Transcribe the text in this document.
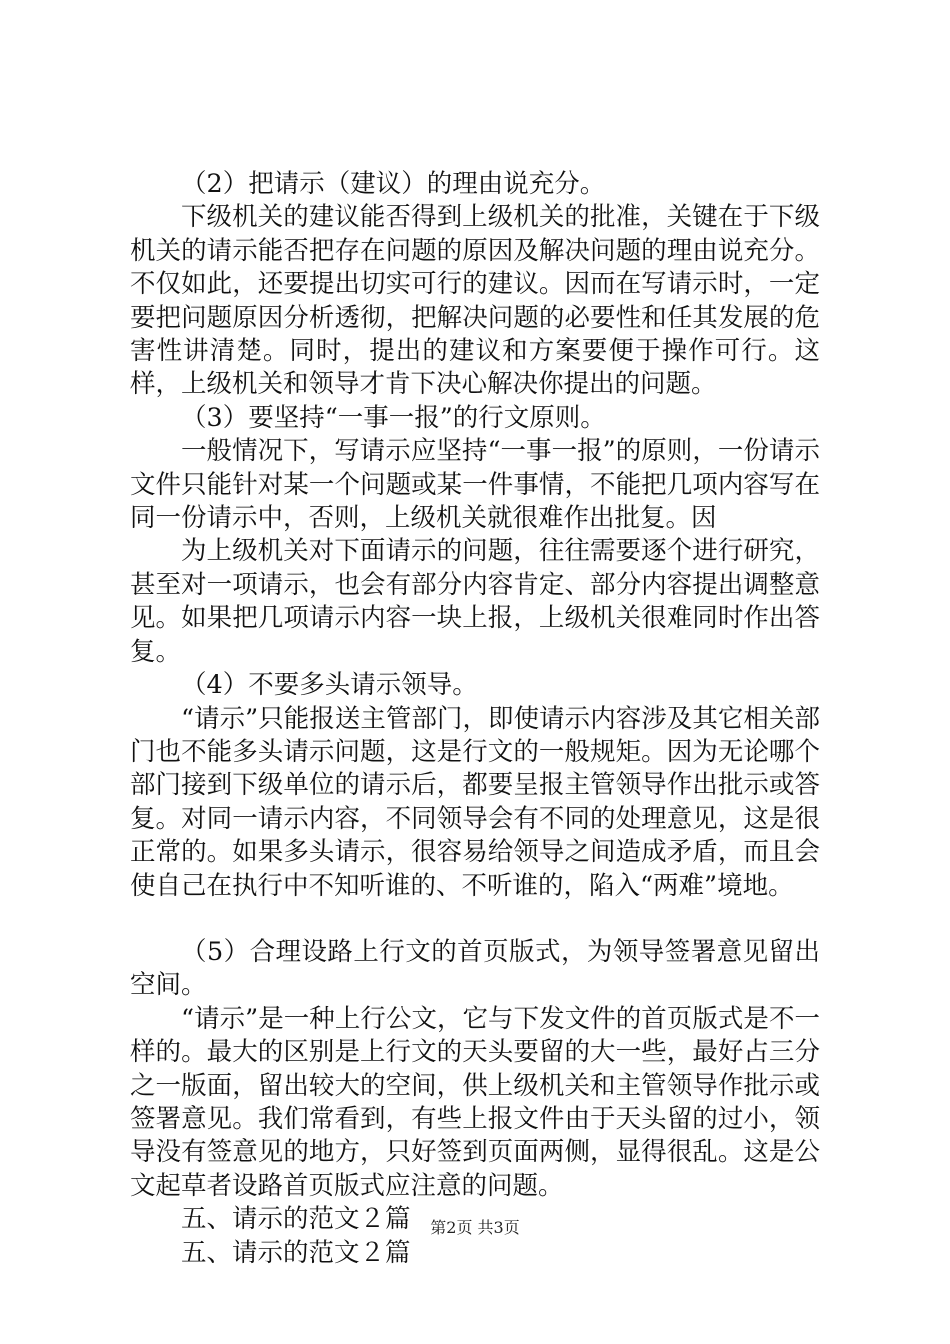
（2）把请示（建议）的理由说充分。

下级机关的建议能否得到上级机关的批准，关键在于下级机关的请示能否把存在问题的原因及解决问题的理由说充分。不仅如此，还要提出切实可行的建议。因而在写请示时，一定要把问题原因分析透彻，把解决问题的必要性和任其发展的危害性讲清楚。同时，提出的建议和方案要便于操作可行。这样，上级机关和领导才肯下决心解决你提出的问题。

（3）要坚持“一事一报”的行文原则。

一般情况下，写请示应坚持“一事一报”的原则，一份请示文件只能针对某一个问题或某一件事情，不能把几项内容写在同一份请示中，否则，上级机关就很难作出批复。因

为上级机关对下面请示的问题，往往需要逐个进行研究，甚至对一项请示，也会有部分内容肯定、部分内容提出调整意见。如果把几项请示内容一块上报，上级机关很难同时作出答复。

（4）不要多头请示领导。

“请示”只能报送主管部门，即使请示内容涉及其它相关部门也不能多头请示问题，这是行文的一般规矩。因为无论哪个部门接到下级单位的请示后，都要呈报主管领导作出批示或答复。对同一请示内容，不同领导会有不同的处理意见，这是很正常的。如果多头请示，很容易给领导之间造成矛盾，而且会使自己在执行中不知听谁的、不听谁的，陷入“两难”境地。

（5）合理设路上行文的首页版式，为领导签署意见留出空间。

“请示”是一种上行公文，它与下发文件的首页版式是不一样的。最大的区别是上行文的天头要留的大一些，最好占三分之一版面，留出较大的空间，供上级机关和主管领导作批示或签署意见。我们常看到，有些上报文件由于天头留的过小，领导没有签意见的地方，只好签到页面两侧，显得很乱。这是公文起草者设路首页版式应注意的问题。

五、请示的范文２篇

五、请示的范文２篇

第2页 共3页
